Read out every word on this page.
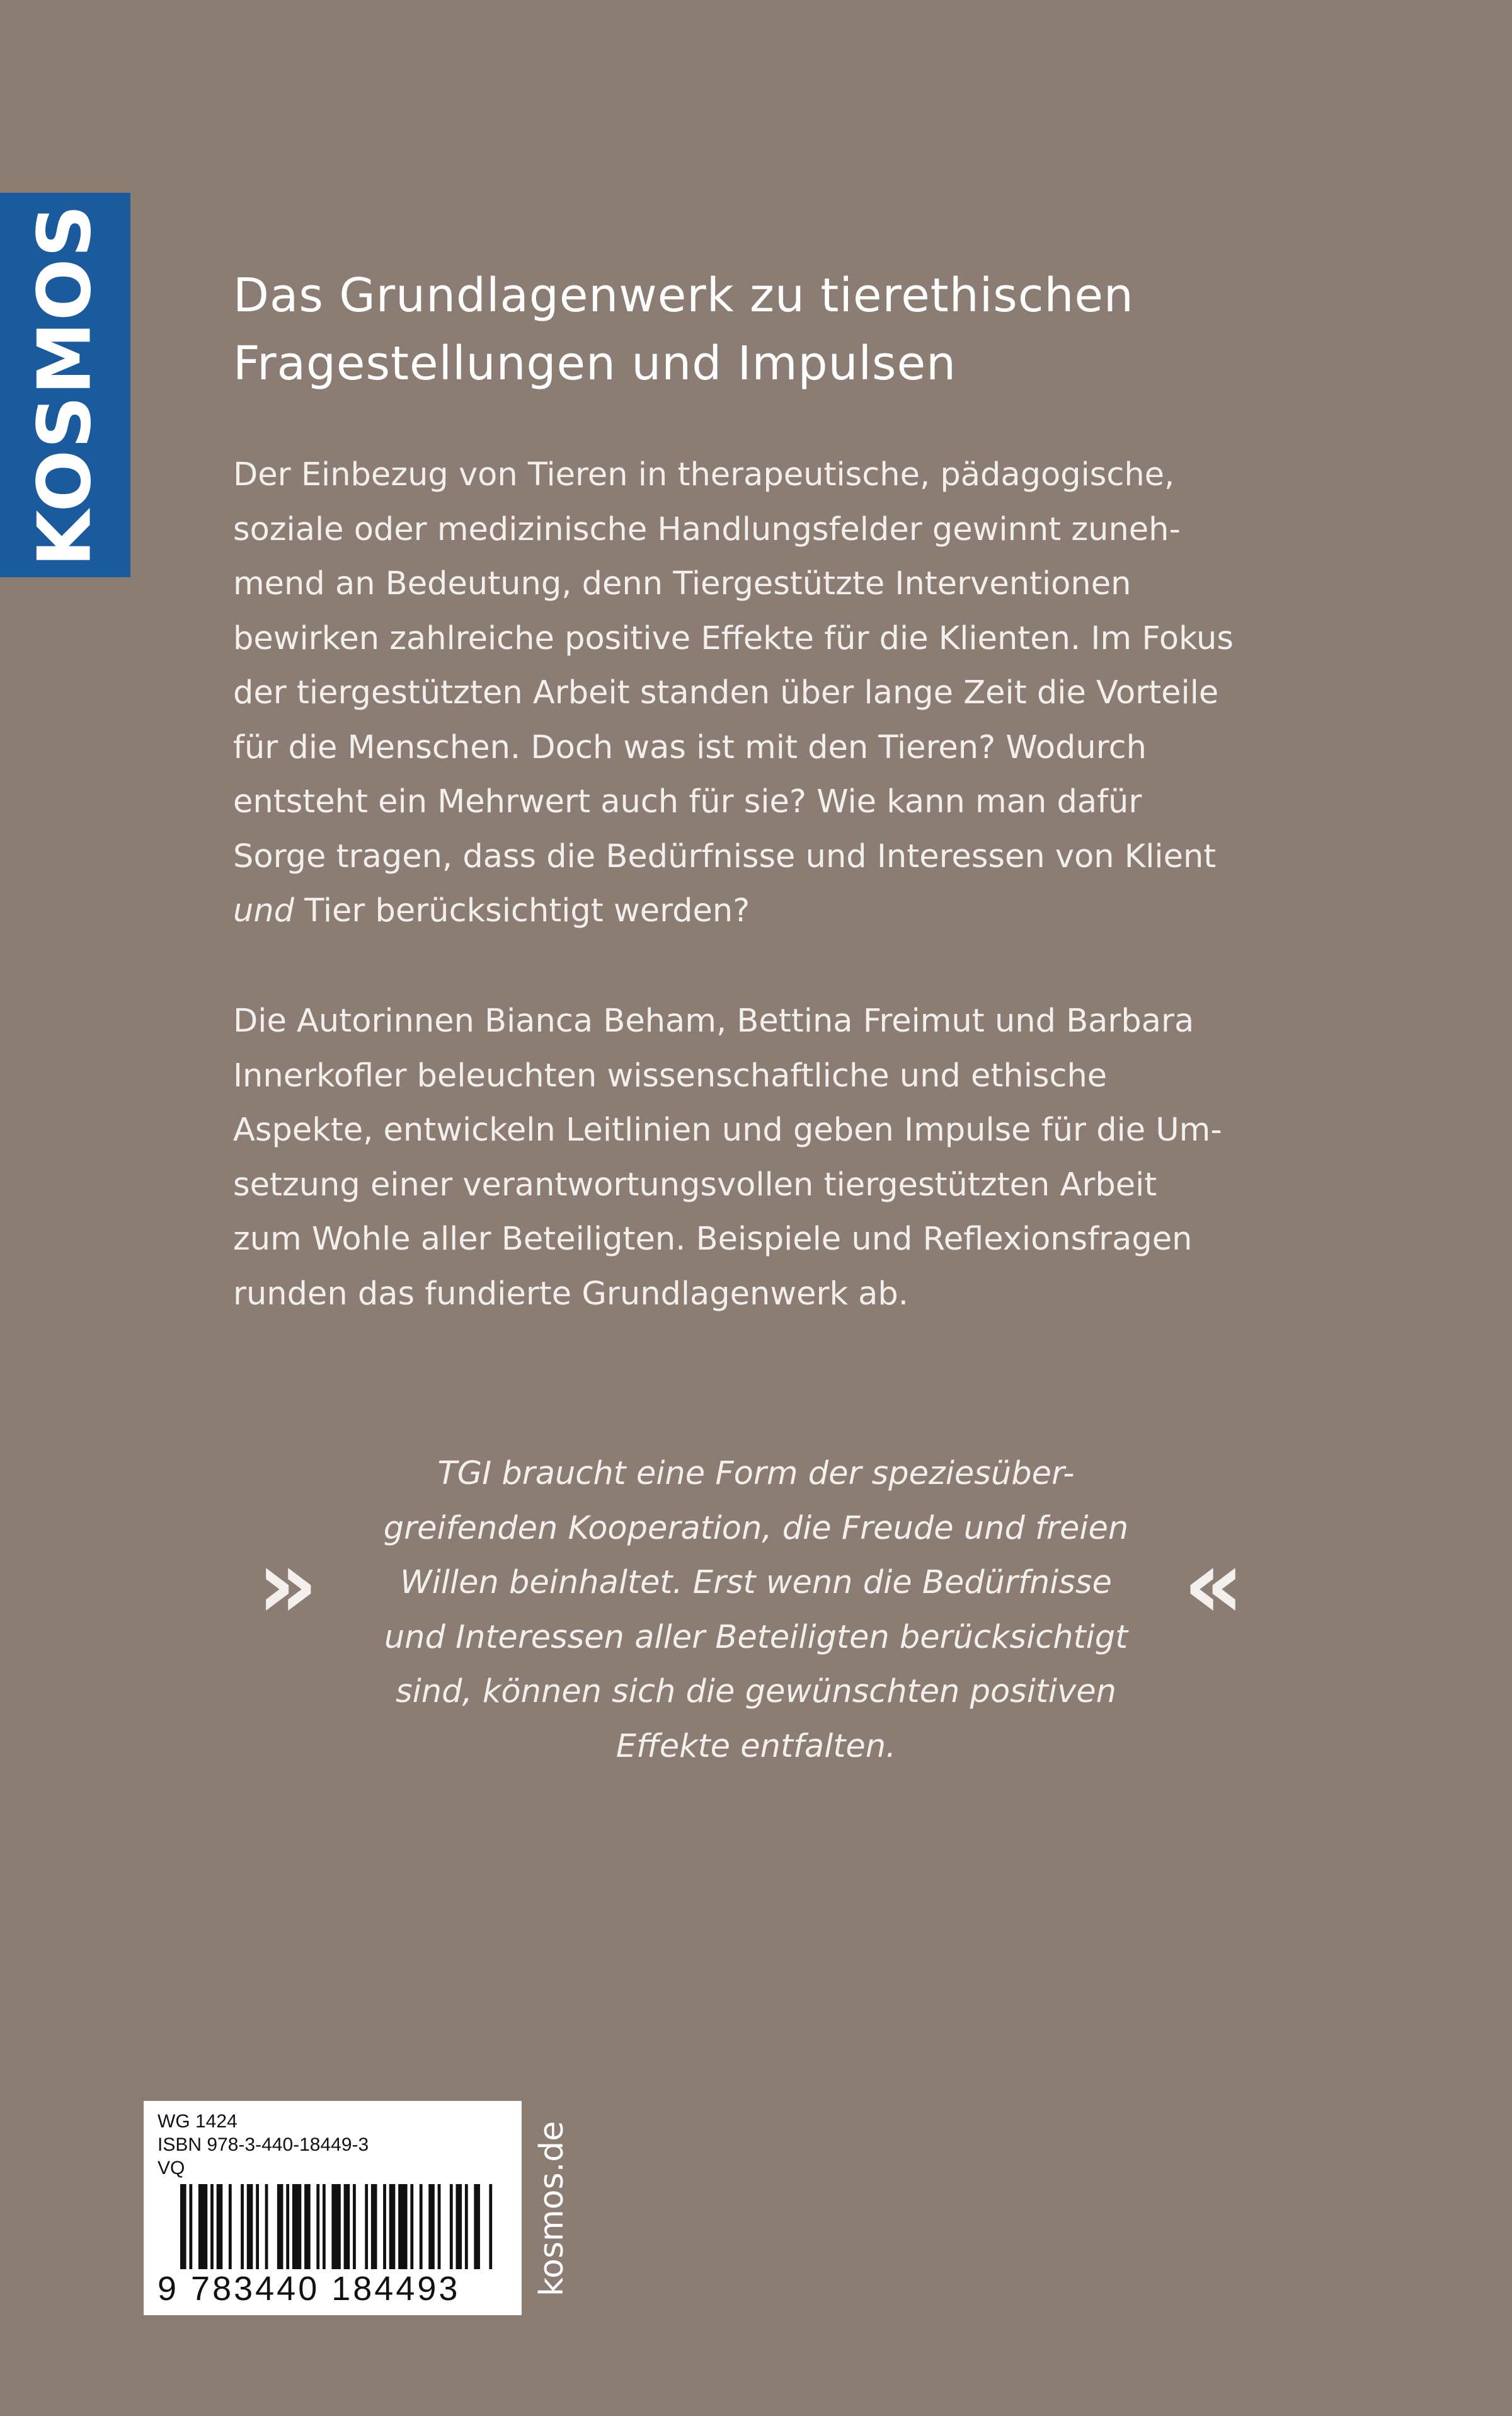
KOSMOS	Das Grundlagenwerk zu tierethischen
Fragestellungen und Impulsen
Der Einbezug von Tieren in therapeutische, pädagogische,
soziale oder medizinische Handlungsfelder gewinnt zuneh-
mend an Bedeutung, denn Tiergestützte Interventionen
bewirken zahlreiche positive Effekte für die Klienten. Im Fokus
der tiergestützten Arbeit standen über lange Zeit die Vorteile
für die Menschen. Doch was ist mit den Tieren? Wodurch
entsteht ein Mehrwert auch für sie? Wie kann man dafür
Sorge tragen, dass die Bedürfnisse und Interessen von Klient
und Tier berücksichtigt werden?
Die Autorinnen Bianca Beham, Bettina Freimut und Barbara
Innerkofler beleuchten wissenschaftliche und ethische
Aspekte, entwickeln Leitlinien und geben Impulse für die Um-
setzung einer verantwortungsvollen tiergestützten Arbeit
zum Wohle aller Beteiligten. Beispiele und Reflexionsfragen
runden das fundierte Grundlagenwerk ab.
»
TGI braucht eine Form der speziesüber-
greifenden Kooperation, die Freude und freien
Willen beinhaltet. Erst wenn die Bedürfnisse
und Interessen aller Beteiligten berücksichtigt
sind, können sich die gewünschten positiven
Effekte entfalten.
«
WG 1424
ISBN 978-3-440-18449-3
VQ
9 783440 184493	kosmos.de
